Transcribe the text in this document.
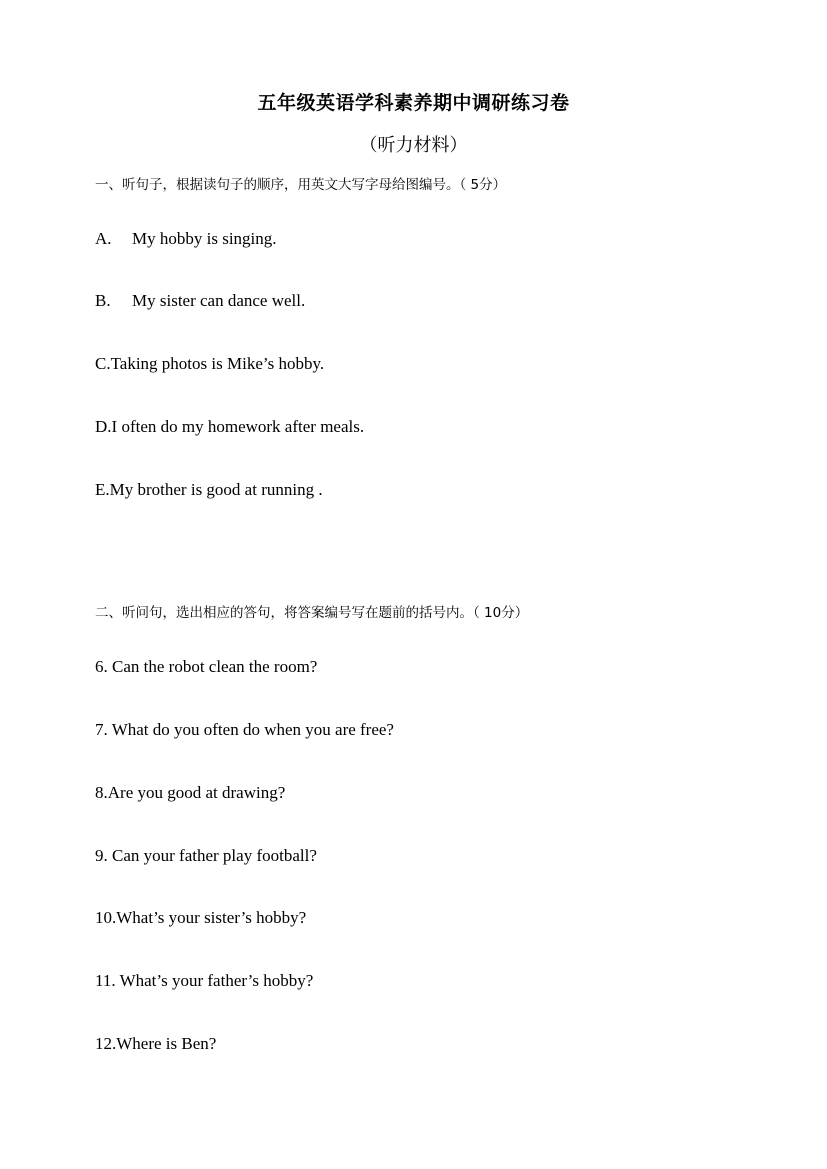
五年级英语学科素养期中调研练习卷
（听力材料）
一、听句子，根据读句子的顺序，用英文大写字母给图编号。（ 5分）
A. My hobby is singing.
B. My sister can dance well.
C.Taking photos is Mike’s hobby.
D.I often do my homework after meals.
E.My brother is good at running .
二、听问句，选出相应的答句，将答案编号写在题前的括号内。（ 10分）
6. Can the robot clean the room?
7. What do you often do when you are free?
8.Are you good at drawing?
9. Can your father play football?
10.What’s your sister’s hobby?
11. What’s your father’s hobby?
12.Where is Ben?
